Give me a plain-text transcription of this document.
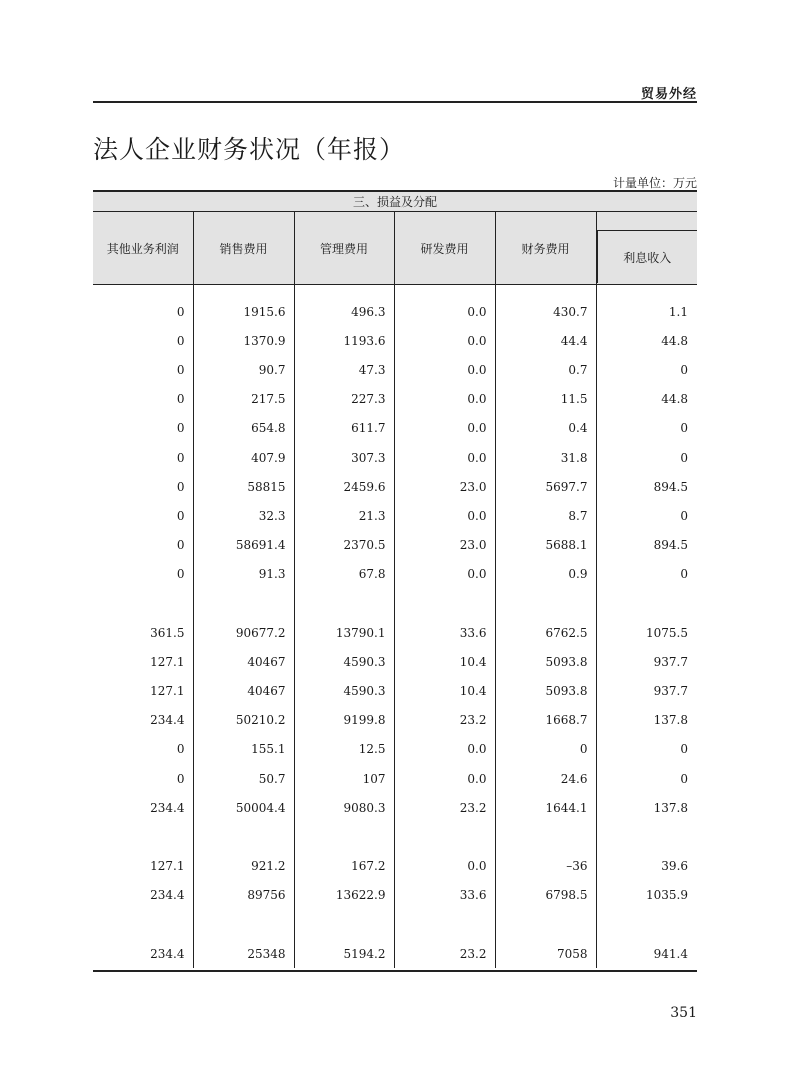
贸易外经
法人企业财务状况（年报）
计量单位：万元
三、损益及分配					
其他业务利润	销售费用	管理费用	研发费用	财务费用	利息收入

0	1915.6	496.3	0.0	430.7	1.1
0	1370.9	1193.6	0.0	44.4	44.8
0	90.7	47.3	0.0	0.7	0
0	217.5	227.3	0.0	11.5	44.8
0	654.8	611.7	0.0	0.4	0
0	407.9	307.3	0.0	31.8	0
0	58815	2459.6	23.0	5697.7	894.5
0	32.3	21.3	0.0	8.7	0
0	58691.4	2370.5	23.0	5688.1	894.5
0	91.3	67.8	0.0	0.9	0

361.5	90677.2	13790.1	33.6	6762.5	1075.5
127.1	40467	4590.3	10.4	5093.8	937.7
127.1	40467	4590.3	10.4	5093.8	937.7
234.4	50210.2	9199.8	23.2	1668.7	137.8
0	155.1	12.5	0.0	0	0
0	50.7	107	0.0	24.6	0
234.4	50004.4	9080.3	23.2	1644.1	137.8

127.1	921.2	167.2	0.0	–36	39.6
234.4	89756	13622.9	33.6	6798.5	1035.9

234.4	25348	5194.2	23.2	7058	941.4
351
